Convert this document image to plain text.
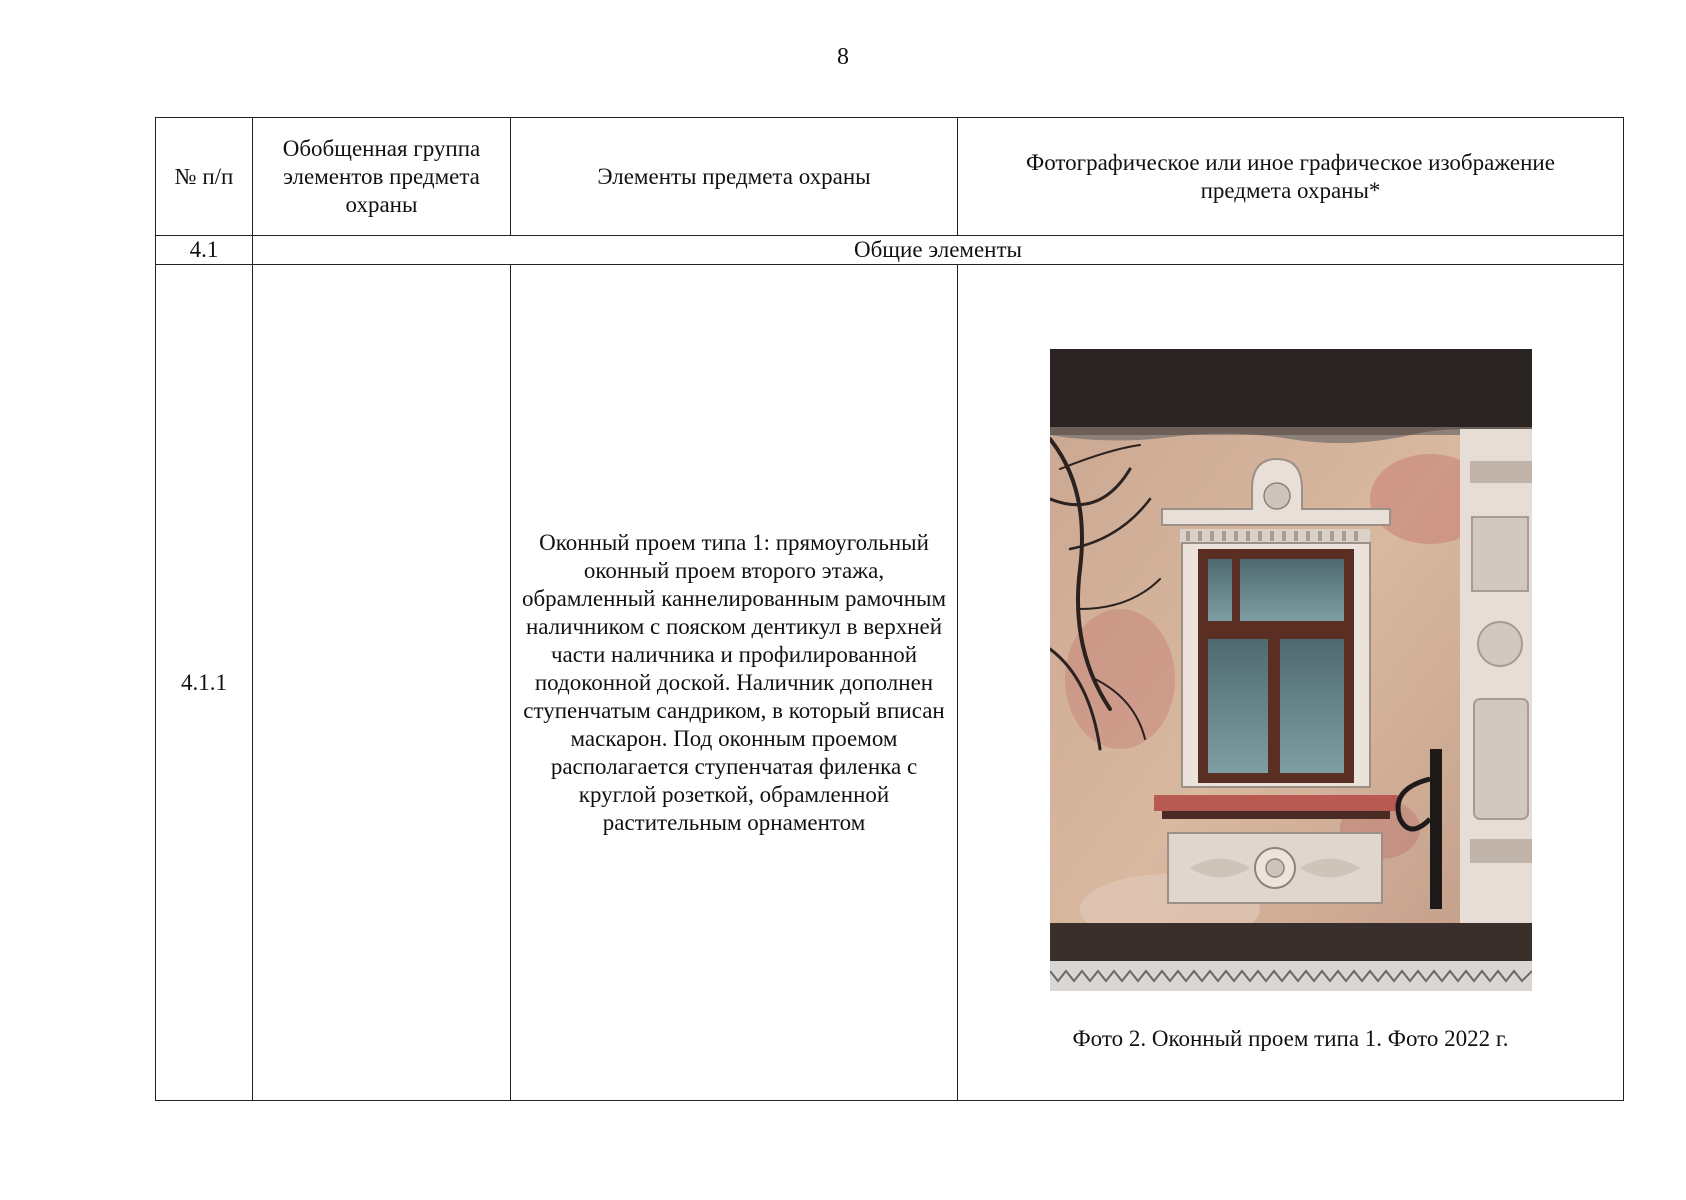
8
№ п/п	Обобщенная группа элементов предмета охраны	Элементы предмета охраны	Фотографическое или иное графическое изображение предмета охраны*
4.1	Общие элементы		
4.1.1		Оконный проем типа 1: прямоугольный оконный проем второго этажа, обрамленный каннелированным рамочным наличником с пояском дентикул в верхней части наличника и профилированной подоконной доской. Наличник дополнен ступенчатым сандриком, в который вписан маскарон. Под оконным проемом располагается ступенчатая филенка с круглой розеткой, обрамленной растительным орнаментом	Фото 2. Оконный проем типа 1. Фото 2022 г.
